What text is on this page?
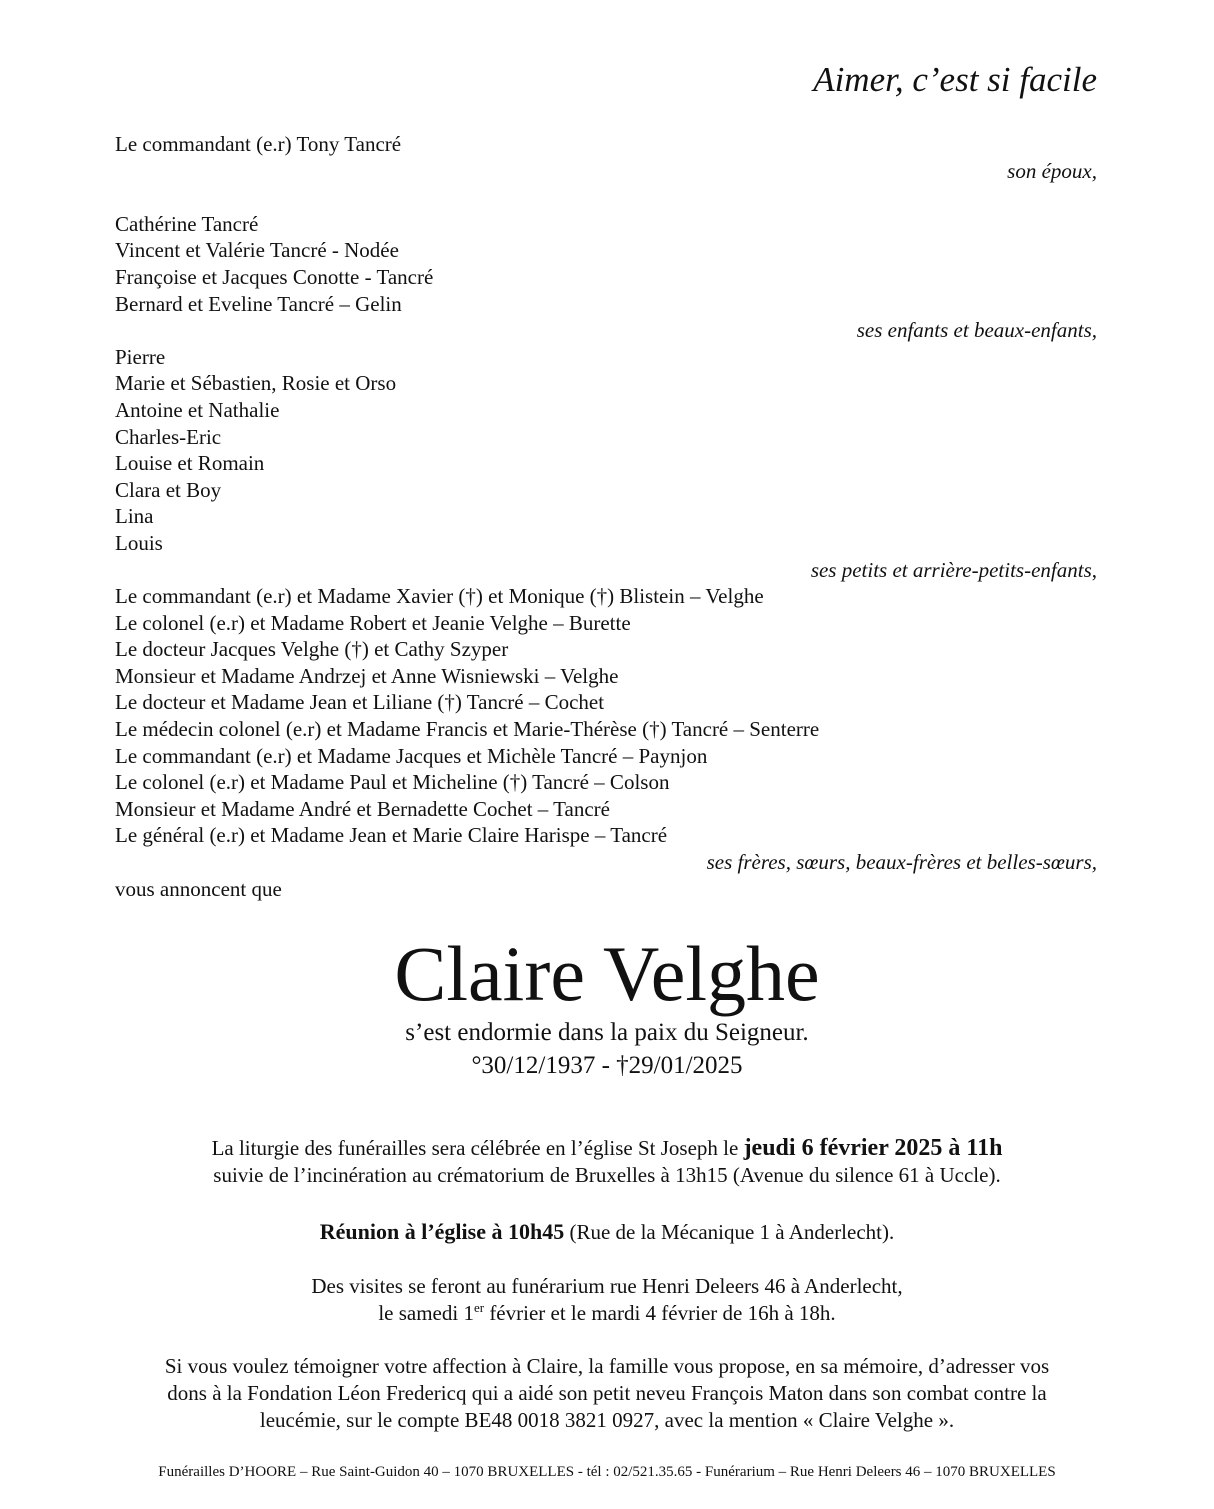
Aimer, c’est si facile
Le commandant (e.r) Tony Tancré
son époux,
Cathérine Tancré
Vincent et Valérie Tancré - Nodée
Françoise et Jacques Conotte - Tancré
Bernard et Eveline Tancré – Gelin
ses enfants et beaux-enfants,
Pierre
Marie et Sébastien, Rosie et Orso
Antoine et Nathalie
Charles-Eric
Louise et Romain
Clara et Boy
Lina
Louis
ses petits et arrière-petits-enfants,
Le commandant (e.r) et Madame Xavier (†) et Monique (†) Blistein – Velghe
Le colonel (e.r) et Madame Robert et Jeanie Velghe – Burette
Le docteur Jacques Velghe (†) et Cathy Szyper
Monsieur et Madame Andrzej et Anne Wisniewski – Velghe
Le docteur et Madame Jean et Liliane (†) Tancré – Cochet
Le médecin colonel (e.r) et Madame Francis et Marie-Thérèse (†) Tancré – Senterre
Le commandant (e.r) et Madame Jacques et Michèle Tancré – Paynjon
Le colonel (e.r) et Madame Paul et Micheline (†) Tancré – Colson
Monsieur et Madame André et Bernadette Cochet – Tancré
Le général (e.r) et Madame Jean et Marie Claire Harispe – Tancré
ses frères, sœurs, beaux-frères et belles-sœurs,
vous annoncent que
Claire Velghe
s’est endormie dans la paix du Seigneur.
°30/12/1937 - †29/01/2025
La liturgie des funérailles sera célébrée en l’église St Joseph le jeudi 6 février 2025 à 11h
suivie de l’incinération au crématorium de Bruxelles à 13h15 (Avenue du silence 61 à Uccle).
Réunion à l’église à 10h45 (Rue de la Mécanique 1 à Anderlecht).
Des visites se feront au funérarium rue Henri Deleers 46 à Anderlecht,
le samedi 1er février et le mardi 4 février de 16h à 18h.
Si vous voulez témoigner votre affection à Claire, la famille vous propose, en sa mémoire, d’adresser vos
dons à la Fondation Léon Fredericq qui a aidé son petit neveu François Maton dans son combat contre la
leucémie, sur le compte BE48 0018 3821 0927, avec la mention « Claire Velghe ».
Funérailles D’HOORE – Rue Saint-Guidon 40 – 1070 BRUXELLES - tél : 02/521.35.65 - Funérarium – Rue Henri Deleers 46 – 1070 BRUXELLES
